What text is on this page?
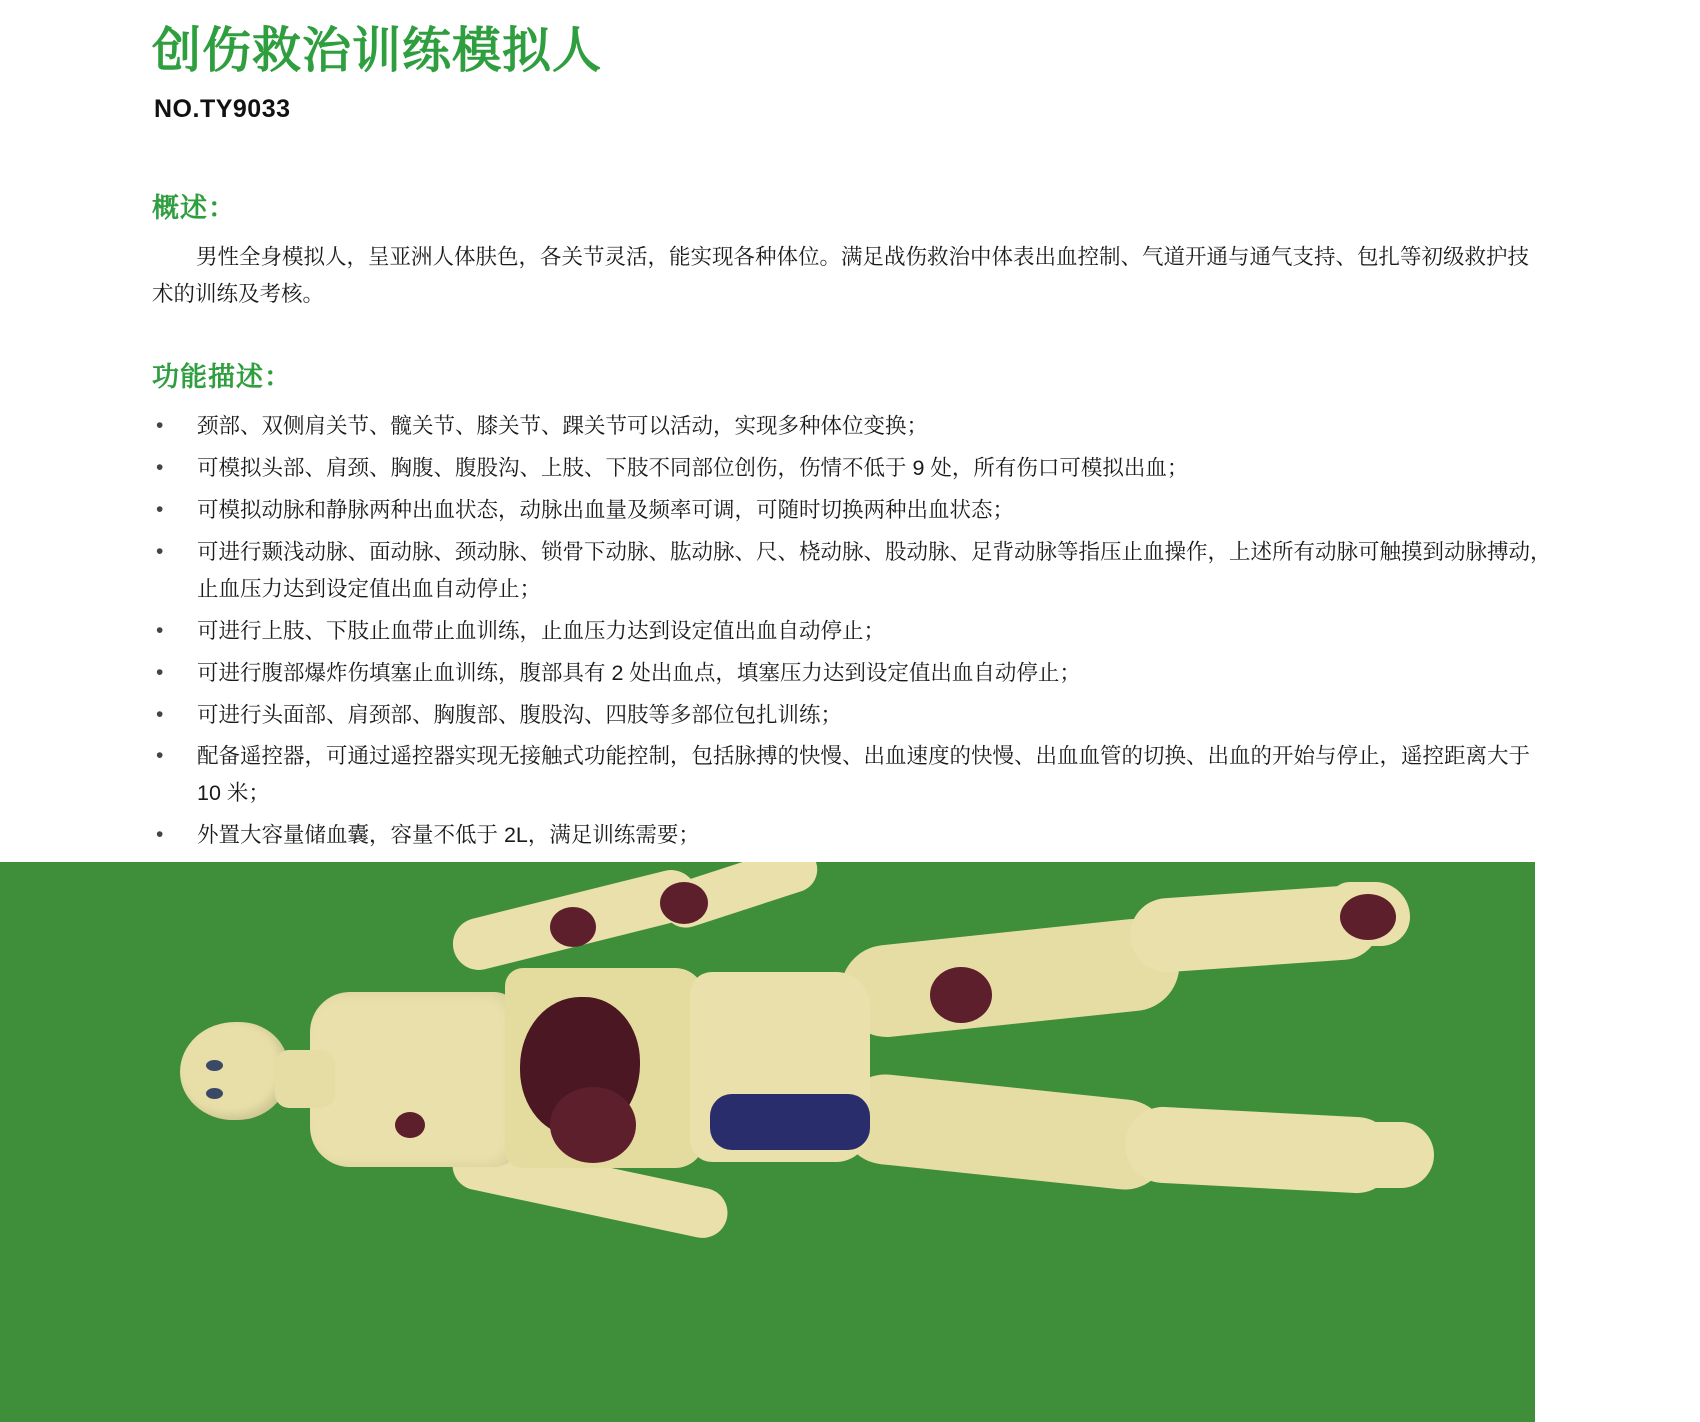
创伤救治训练模拟人
NO.TY9033
概述：

男性全身模拟人，呈亚洲人体肤色，各关节灵活，能实现各种体位。满足战伤救治中体表出血控制、气道开通与通气支持、包扎等初级救护技术的训练及考核。

功能描述：
• 颈部、双侧肩关节、髋关节、膝关节、踝关节可以活动，实现多种体位变换；
• 可模拟头部、肩颈、胸腹、腹股沟、上肢、下肢不同部位创伤，伤情不低于 9 处，所有伤口可模拟出血；
• 可模拟动脉和静脉两种出血状态，动脉出血量及频率可调，可随时切换两种出血状态；
• 可进行颞浅动脉、面动脉、颈动脉、锁骨下动脉、肱动脉、尺、桡动脉、股动脉、足背动脉等指压止血操作，上述所有动脉可触摸到动脉搏动，止血压力达到设定值出血自动停止；
• 可进行上肢、下肢止血带止血训练，止血压力达到设定值出血自动停止；
• 可进行腹部爆炸伤填塞止血训练，腹部具有 2 处出血点，填塞压力达到设定值出血自动停止；
• 可进行头面部、肩颈部、胸腹部、腹股沟、四肢等多部位包扎训练；
• 配备遥控器，可通过遥控器实现无接触式功能控制，包括脉搏的快慢、出血速度的快慢、出血血管的切换、出血的开始与停止，遥控距离大于 10 米；
• 外置大容量储血囊，容量不低于 2L，满足训练需要；
